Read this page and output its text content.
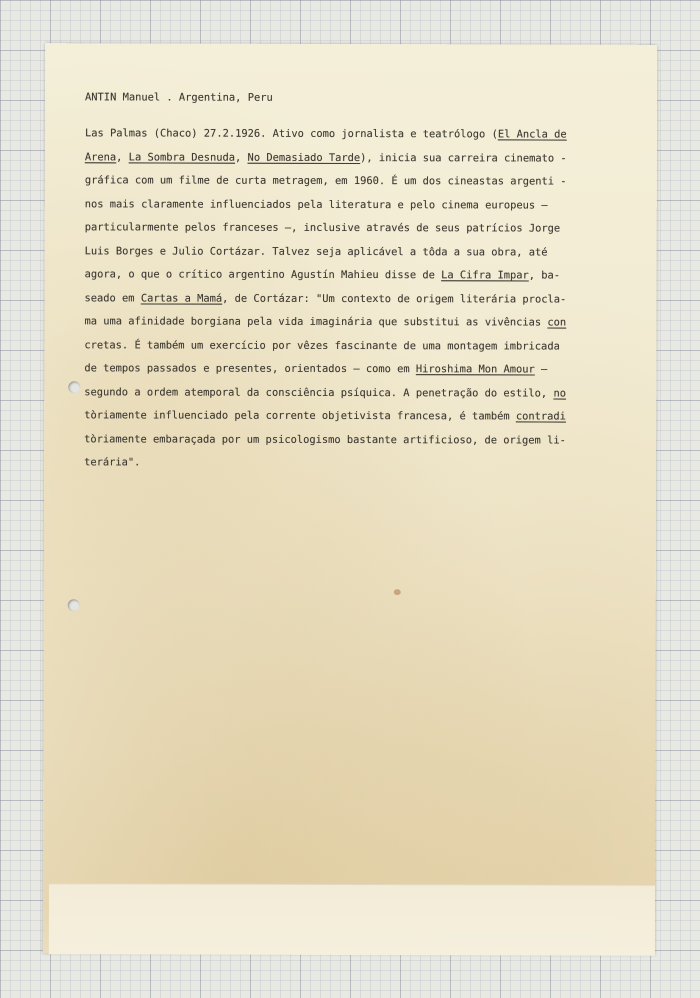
ANTIN Manuel . Argentina, Peru
Las Palmas (Chaco) 27.2.1926. Ativo como jornalista e teatrólogo (El Ancla de
Arena, La Sombra Desnuda, No Demasiado Tarde), inicia sua carreira cinemato -
gráfica com um filme de curta metragem, em 1960. É um dos cineastas argenti -
nos mais claramente influenciados pela literatura e pelo cinema europeus —
particularmente pelos franceses —, inclusive através de seus patrícios Jorge
Luis Borges e Julio Cortázar. Talvez seja aplicável a tôda a sua obra, até
agora, o que o crítico argentino Agustín Mahieu disse de La Cifra Impar, ba-
seado em Cartas a Mamá, de Cortázar: "Um contexto de origem literária procla-
ma uma afinidade borgiana pela vida imaginária que substitui as vivências con
cretas. É também um exercício por vêzes fascinante de uma montagem imbricada
de tempos passados e presentes, orientados — como em Hiroshima Mon Amour —
segundo a ordem atemporal da consciência psíquica. A penetração do estilo, no
tòriamente influenciado pela corrente objetivista francesa, é também contradi
tòriamente embaraçada por um psicologismo bastante artificioso, de origem li-
terária".
